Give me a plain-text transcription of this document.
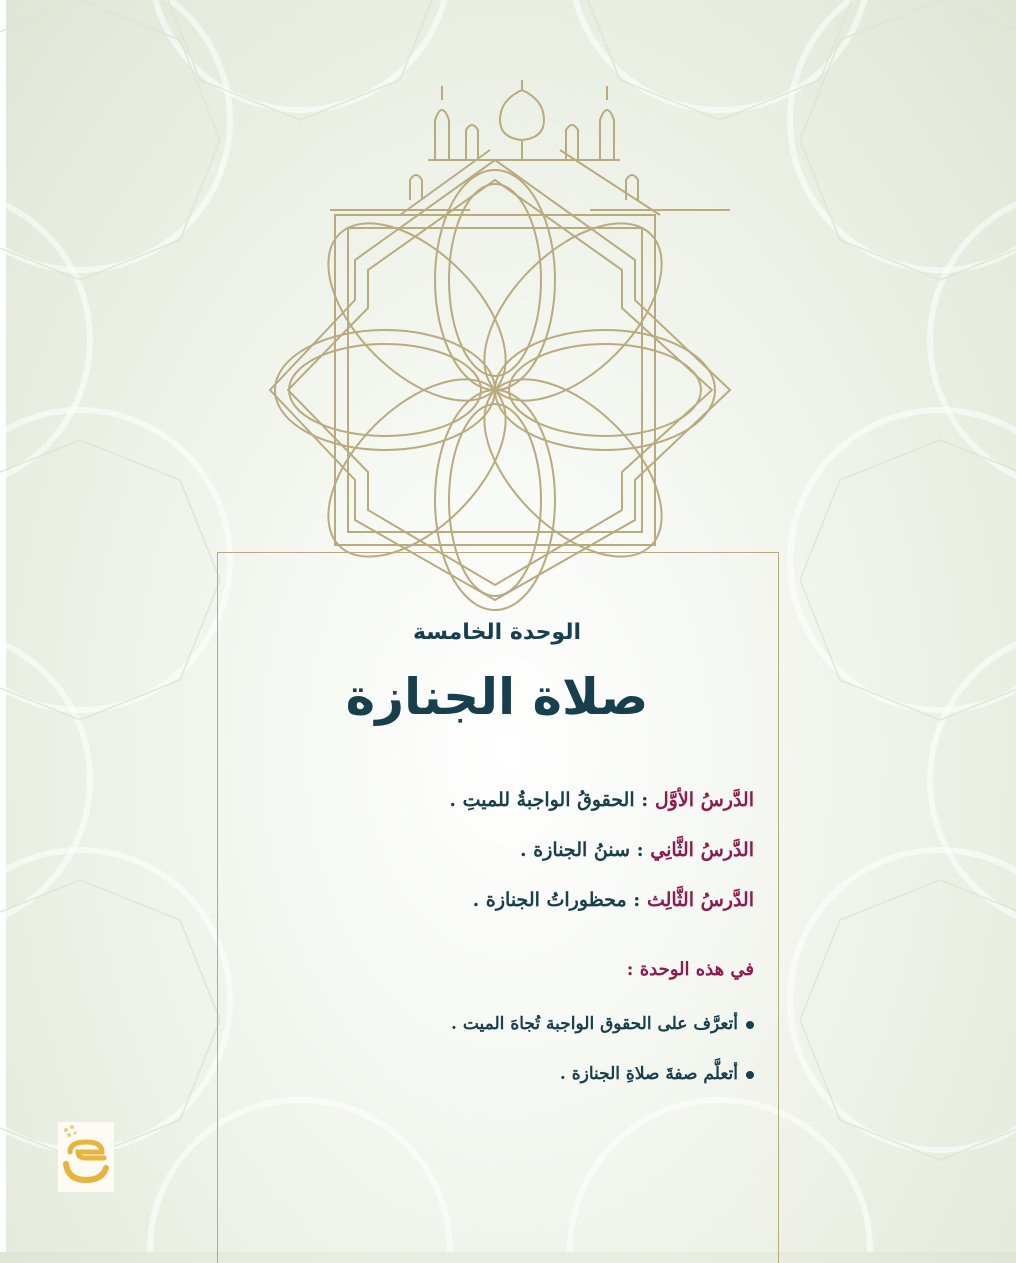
الوحدة الخامسة
صلاة الجنازة
الدَّرسُ الأوَّل : الحقوقُ الواجبةُ للميتِ .
الدَّرسُ الثَّانِي : سننُ الجنازة .
الدَّرسُ الثَّالِث : محظوراتُ الجنازة .
في هذه الوحدة :
أتعرَّف على الحقوق الواجبة تُجاهَ الميت .
أتعلَّم صفةَ صلاةِ الجنازة .
